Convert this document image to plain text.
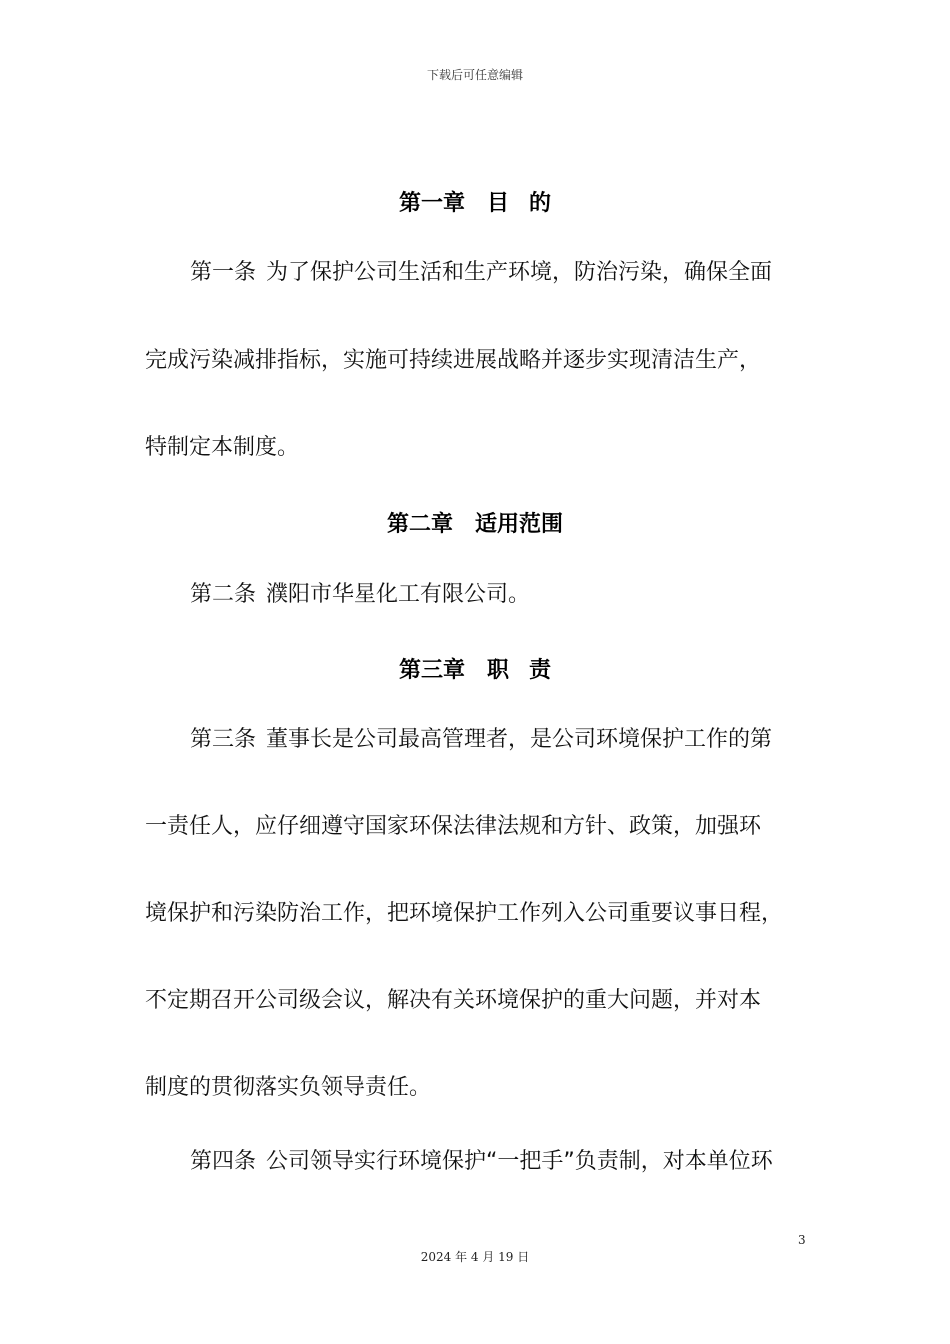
下载后可任意编辑
第一章 目 的
第一条 为了保护公司生活和生产环境，防治污染，确保全面
完成污染减排指标，实施可持续进展战略并逐步实现清洁生产，
特制定本制度。
第二章 适用范围
第二条 濮阳市华星化工有限公司。
第三章 职 责
第三条 董事长是公司最高管理者，是公司环境保护工作的第
一责任人，应仔细遵守国家环保法律法规和方针、政策，加强环
境保护和污染防治工作，把环境保护工作列入公司重要议事日程，
不定期召开公司级会议，解决有关环境保护的重大问题，并对本
制度的贯彻落实负领导责任。
第四条 公司领导实行环境保护“一把手”负责制，对本单位环
3
2024 年 4 月 19 日
